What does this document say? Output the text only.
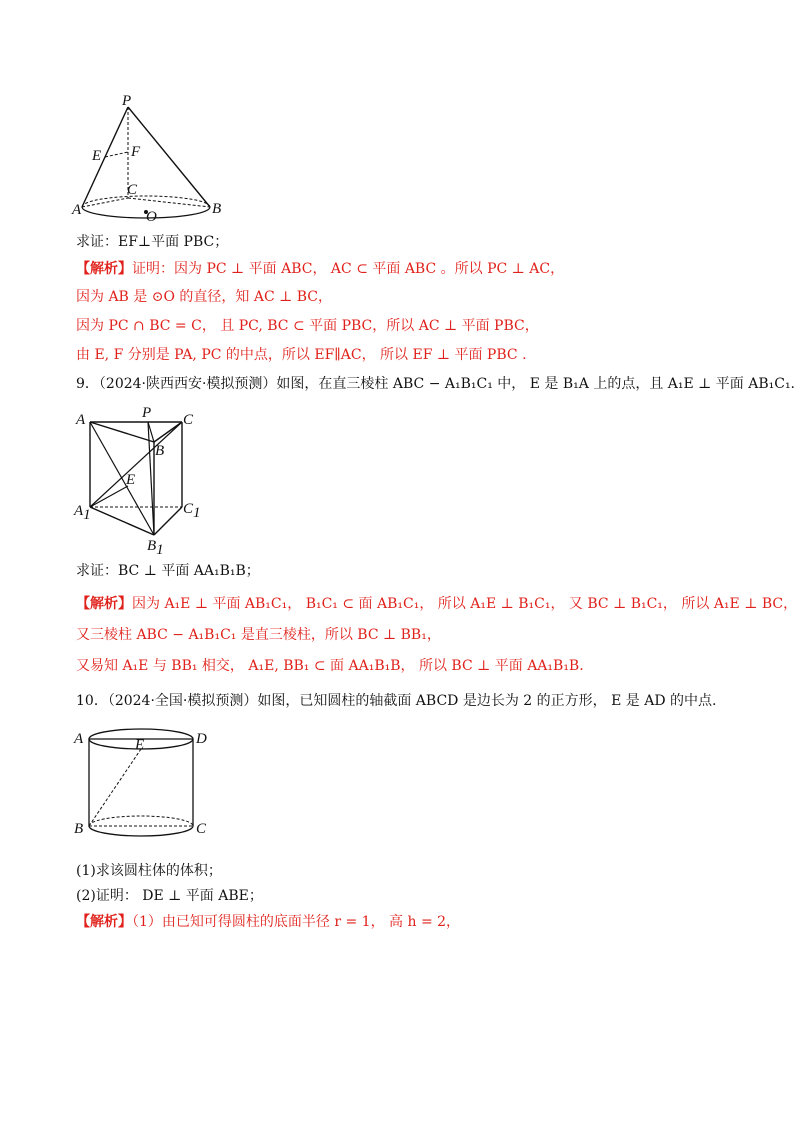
P
E F
C
A	O	B
求证：EF⊥平面 PBC；
【解析】证明：因为 PC ⊥ 平面 ABC， AC ⊂ 平面 ABC 。所以 PC ⊥ AC，
因为 AB 是 ⊙O 的直径，知 AC ⊥ BC，
因为 PC ∩ BC = C， 且 PC, BC ⊂ 平面 PBC，所以 AC ⊥ 平面 PBC，
由 E, F 分别是 PA, PC 的中点，所以 EF∥AC， 所以 EF ⊥ 平面 PBC .
9．（2024·陕西西安·模拟预测）如图，在直三棱柱 ABC − A₁B₁C₁ 中， E 是 B₁A 上的点，且 A₁E ⊥ 平面 AB₁C₁.
A	P C
B
E
A1	C1
B1
求证：BC ⊥ 平面 AA₁B₁B；
【解析】因为 A₁E ⊥ 平面 AB₁C₁， B₁C₁ ⊂ 面 AB₁C₁， 所以 A₁E ⊥ B₁C₁， 又 BC ⊥ B₁C₁， 所以 A₁E ⊥ BC，
又三棱柱 ABC − A₁B₁C₁ 是直三棱柱，所以 BC ⊥ BB₁，
又易知 A₁E 与 BB₁ 相交， A₁E, BB₁ ⊂ 面 AA₁B₁B， 所以 BC ⊥ 平面 AA₁B₁B.
10．（2024·全国·模拟预测）如图，已知圆柱的轴截面 ABCD 是边长为 2 的正方形， E 是 AD 的中点.
A	E	D
B	C
(1)求该圆柱体的体积；
(2)证明： DE ⊥ 平面 ABE；
【解析】（1）由已知可得圆柱的底面半径 r = 1， 高 h = 2，
